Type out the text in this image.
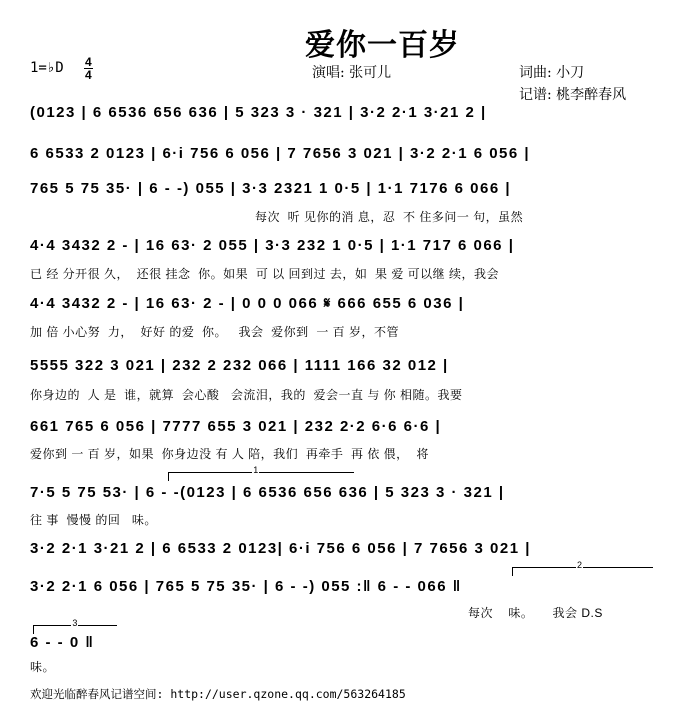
爱你一百岁
1=♭D 4
4	演唱: 张可儿	词曲: 小刀
记谱: 桃李醉春风
(0123 | 6 6536 656 636 | 5 323 3 · 321 | 3·2 2·1 3·21 2 |
6 6533 2 0123 | 6·i 756 6 056 | 7 7656 3 021 | 3·2 2·1 6 056 |
765 5 75 35· | 6 - -) 055 | 3·3 2321 1 0·5 | 1·1 7176 6 066 |
每次  听 见你的消 息，忍  不 住多问一 句，虽然
4·4 3432 2 - | 16 63· 2 055 | 3·3 232 1 0·5 | 1·1 717 6 066 |
已 经 分开很 久，  还很 挂念  你。如果  可 以 回到过 去，如  果 爱 可以继 续，我会
4·4 3432 2 - | 16 63· 2 - | 0 0 0 066 𝄋 666 655 6 036 |
加 倍 小心努  力，  好好 的爱  你。   我会  爱你到  一 百 岁，不管
5555 322 3 021 | 232 2 232 066 | 1111 166 32 012 |
你身边的  人 是  谁，就算  会心酸   会流泪，我的  爱会一直 与 你 相随。我要
661 765 6 056 | 7777 655 3 021 | 232 2·2 6·6 6·6 |
爱你到 一 百 岁，如果  你身边没 有 人 陪，我们  再牵手  再 依 偎，  将
1
7·5 5 75 53· | 6 - -(0123 | 6 6536 656 636 | 5 323 3 · 321 |
往 事  慢慢 的回   味。
3·2 2·1 3·21 2 | 6 6533 2 0123| 6·i 756 6 056 | 7 7656 3 021 |
2
3·2 2·1 6 056 | 765 5 75 35· | 6 - -) 055 :‖ 6 - - 066 ‖
每次    味。     我会 D.S
3
6 - - 0 ‖
味。
欢迎光临醉春风记谱空间: http://user.qzone.qq.com/563264185
